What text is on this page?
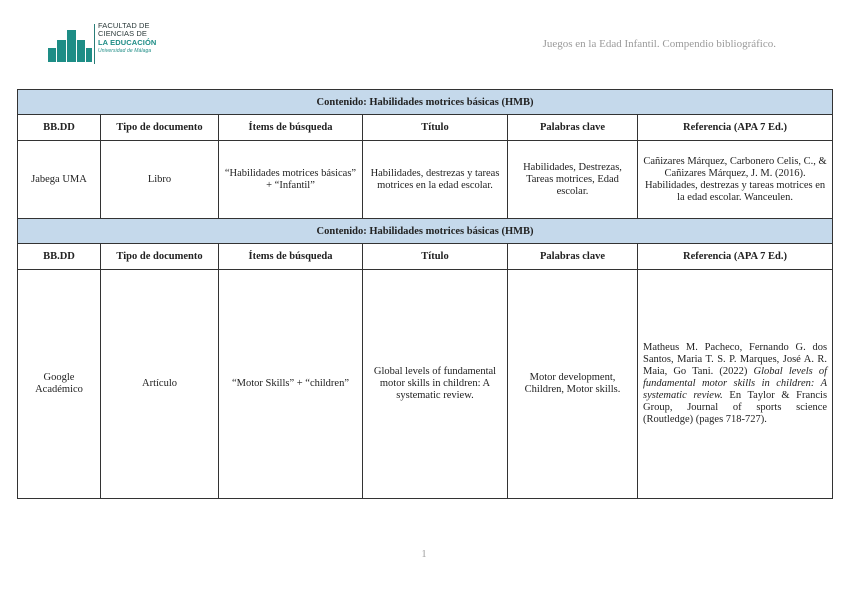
FACULTAD DE
CIENCIAS DE
LA EDUCACIÓN
Universidad de Málaga
Juegos en la Edad Infantil. Compendio bibliográfico.
Contenido: Habilidades motrices básicas (HMB)					
BB.DD	Tipo de documento	Ítems de búsqueda	Título	Palabras clave	Referencia (APA 7 Ed.)
Jabega UMA	Libro	“Habilidades motrices básicas” + “Infantil”	Habilidades, destrezas y tareas motrices en la edad escolar.	Habilidades, Destrezas, Tareas motrices, Edad escolar.	Cañizares Márquez, Carbonero Celis, C., & Cañizares Márquez, J. M. (2016). Habilidades, destrezas y tareas motrices en la edad escolar. Wanceulen.
Contenido: Habilidades motrices básicas (HMB)					
BB.DD	Tipo de documento	Ítems de búsqueda	Título	Palabras clave	Referencia (APA 7 Ed.)
Google Académico	Artículo	“Motor Skills” + “children”	Global levels of fundamental motor skills in children: A systematic review.	Motor development, Children, Motor skills.	Matheus M. Pacheco, Fernando G. dos Santos, Maria T. S. P. Marques, José A. R. Maia, Go Tani. (2022) Global levels of fundamental motor skills in children: A systematic review. En Taylor & Francis Group, Journal of sports science (Routledge) (pages 718-727).
1
